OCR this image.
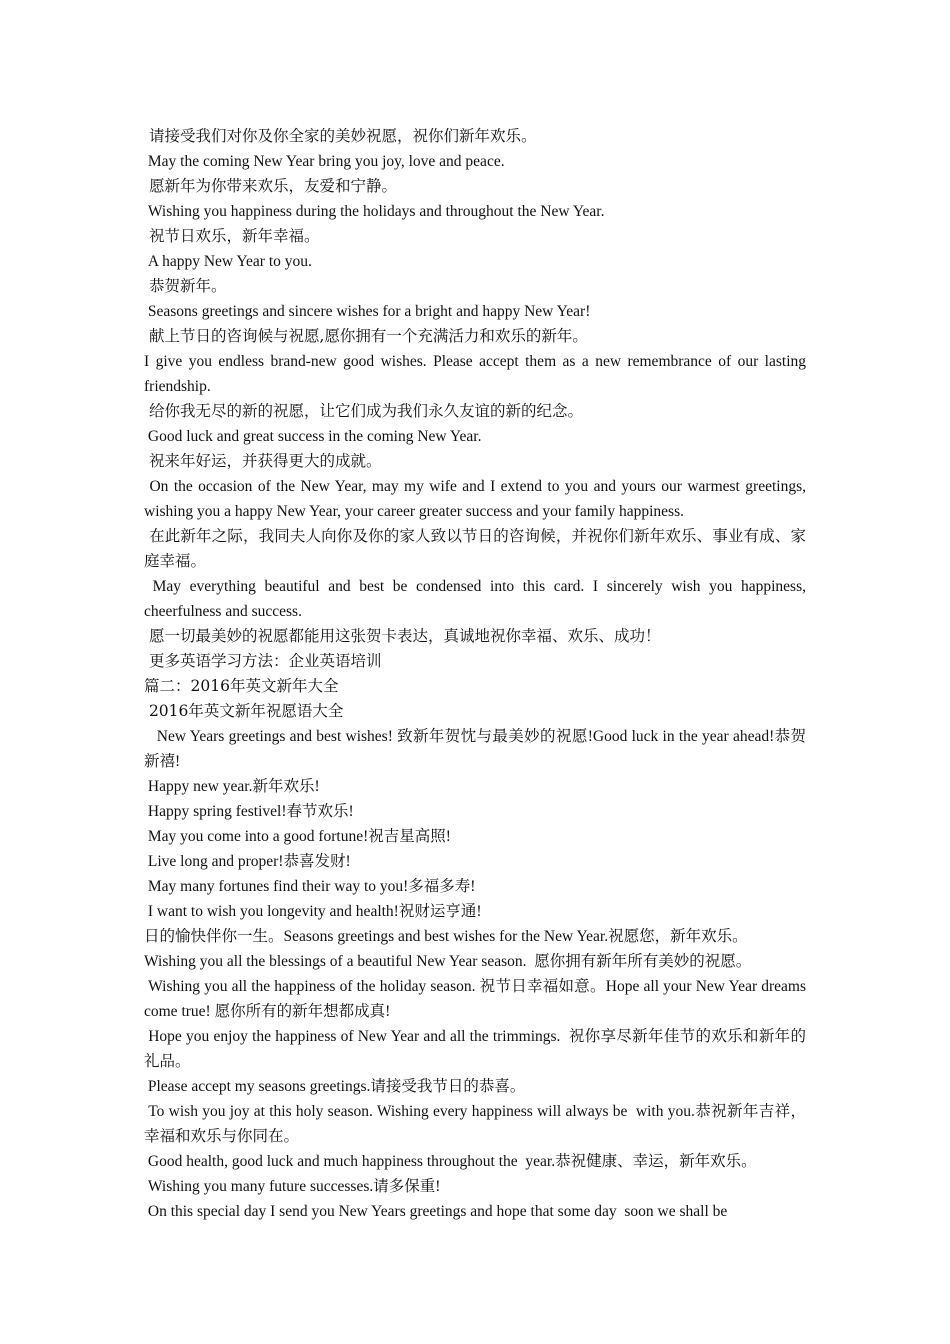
请接受我们对你及你全家的美妙祝愿，祝你们新年欢乐。

May the coming New Year bring you joy, love and peace.

愿新年为你带来欢乐，友爱和宁静。

Wishing you happiness during the holidays and throughout the New Year.

祝节日欢乐，新年幸福。

A happy New Year to you.

恭贺新年。

Seasons greetings and sincere wishes for a bright and happy New Year!

献上节日的咨询候与祝愿,愿你拥有一个充满活力和欢乐的新年。

I give you endless brand-new good wishes. Please accept them as a new remembrance of our lasting friendship.

给你我无尽的新的祝愿，让它们成为我们永久友谊的新的纪念。

Good luck and great success in the coming New Year.

祝来年好运，并获得更大的成就。

On the occasion of the New Year, may my wife and I extend to you and yours our warmest greetings, wishing you a happy New Year, your career greater success and your family happiness.

在此新年之际，我同夫人向你及你的家人致以节日的咨询候，并祝你们新年欢乐、事业有成、家庭幸福。

May everything beautiful and best be condensed into this card. I sincerely wish you happiness, cheerfulness and success.

愿一切最美妙的祝愿都能用这张贺卡表达，真诚地祝你幸福、欢乐、成功！

更多英语学习方法：企业英语培训

篇二：2016年英文新年大全

2016年英文新年祝愿语大全

New Years greetings and best wishes! 致新年贺忱与最美妙的祝愿!Good luck in the year ahead!恭贺新禧!

Happy new year.新年欢乐!

Happy spring festivel!春节欢乐!

May you come into a good fortune!祝吉星高照!

Live long and proper!恭喜发财!

May many fortunes find their way to you!多福多寿!

I want to wish you longevity and health!祝财运亨通!

日的愉快伴你一生。Seasons greetings and best wishes for the New Year.祝愿您，新年欢乐。

Wishing you all the blessings of a beautiful New Year season.  愿你拥有新年所有美妙的祝愿。

Wishing you all the happiness of the holiday season. 祝节日幸福如意。Hope all your New Year dreams come true! 愿你所有的新年想都成真!

Hope you enjoy the happiness of New Year and all the trimmings.  祝你享尽新年佳节的欢乐和新年的礼品。

Please accept my seasons greetings.请接受我节日的恭喜。

To wish you joy at this holy season. Wishing every happiness will always be  with you.恭祝新年吉祥，幸福和欢乐与你同在。

Good health, good luck and much happiness throughout the  year.恭祝健康、幸运，新年欢乐。

Wishing you many future successes.请多保重!

On this special day I send you New Years greetings and hope that some day  soon we shall be
